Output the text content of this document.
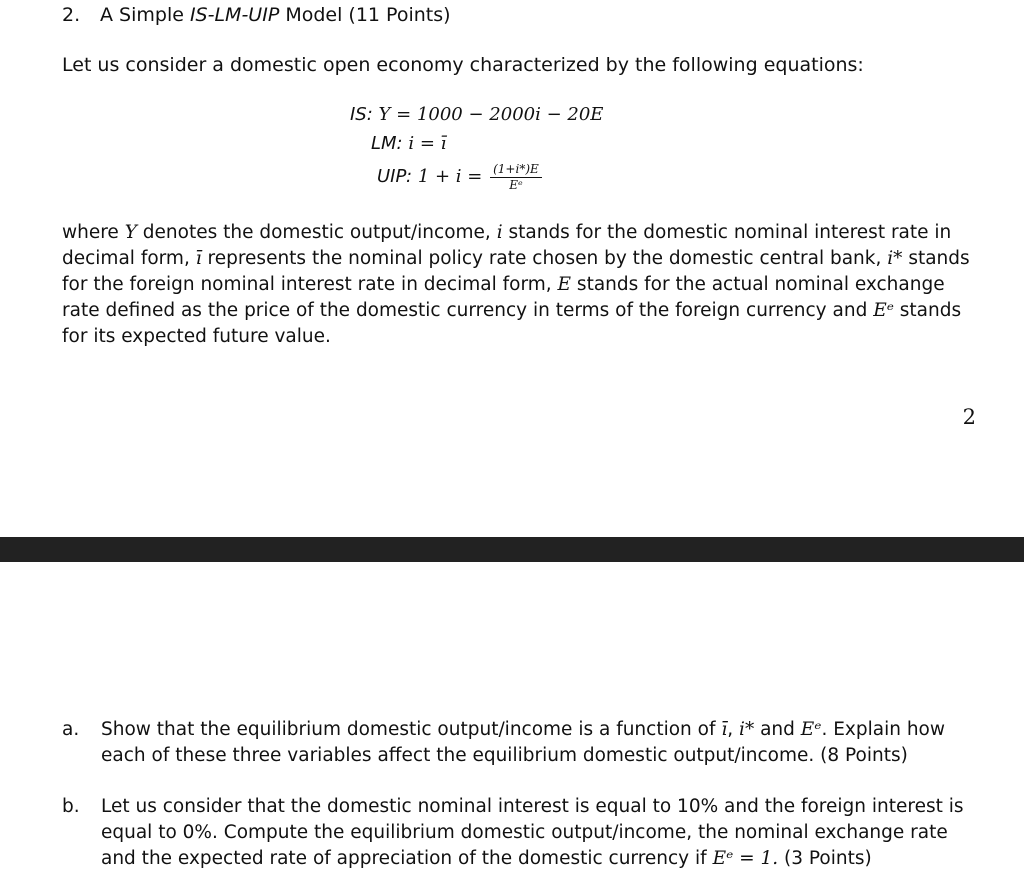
2. A Simple IS-LM-UIP Model (11 Points)
Let us consider a domestic open economy characterized by the following equations:
IS: Y = 1000 − 2000i − 20E
LM: i = ī
UIP: $1 + i = \frac{(1+i*)E}{\text{Eᵉ}}$
where Y denotes the domestic output/income, i stands for the domestic nominal interest rate in decimal form, ī represents the nominal policy rate chosen by the domestic central bank, i* stands for the foreign nominal interest rate in decimal form, E stands for the actual nominal exchange rate defined as the price of the domestic currency in terms of the foreign currency and Eᵉ stands for its expected future value.
2
a. Show that the equilibrium domestic output/income is a function of ī, i* and Eᵉ. Explain how each of these three variables affect the equilibrium domestic output/income. (8 Points)
b. Let us consider that the domestic nominal interest is equal to 10% and the foreign interest is equal to 0%. Compute the equilibrium domestic output/income, the nominal exchange rate and the expected rate of appreciation of the domestic currency if Eᵉ = 1. (3 Points)
